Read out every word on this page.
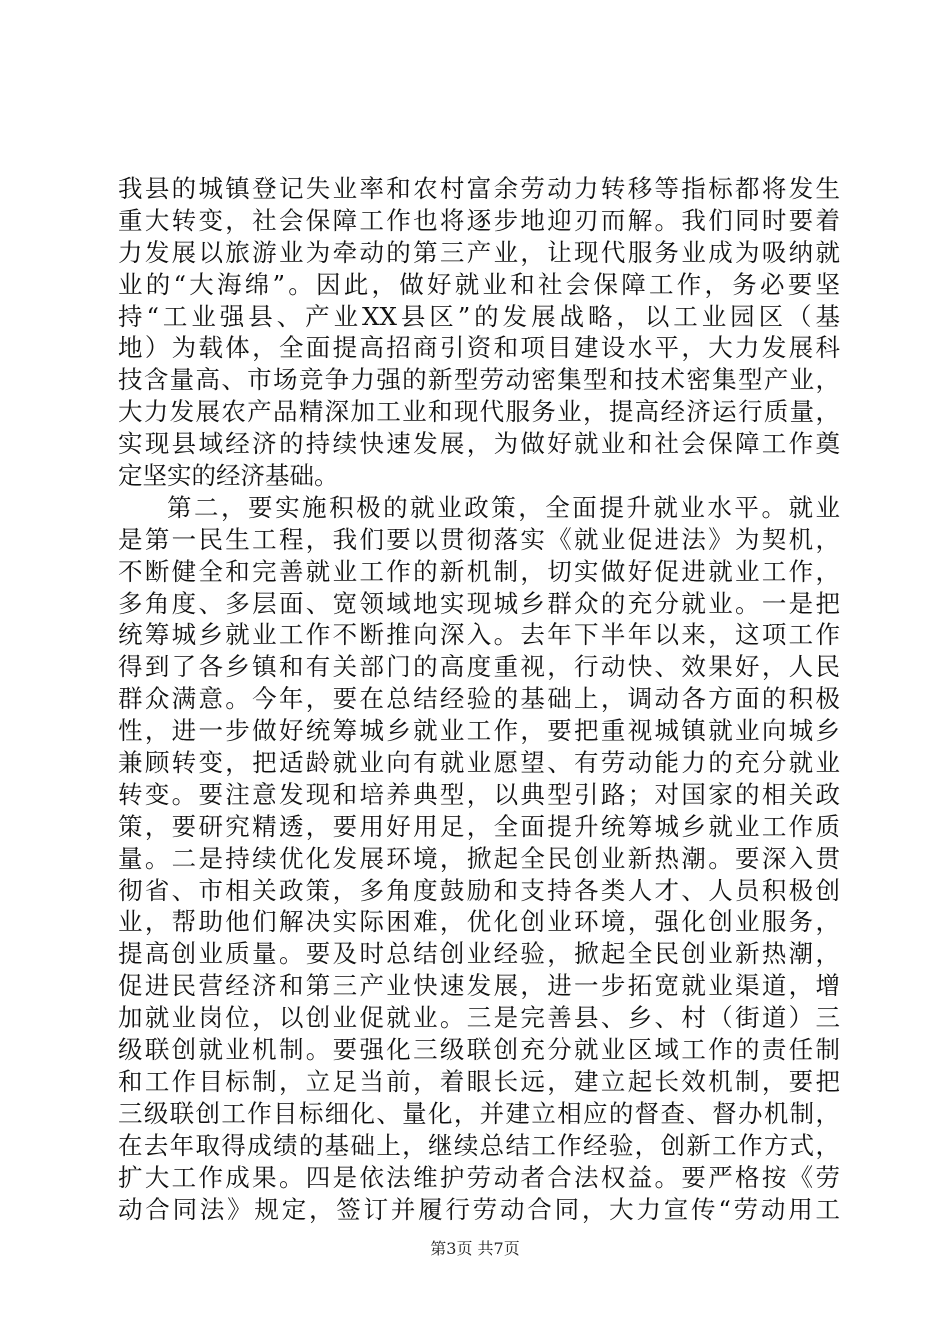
我县的城镇登记失业率和农村富余劳动力转移等指标都将发生
重大转变，社会保障工作也将逐步地迎刃而解。我们同时要着
力发展以旅游业为牵动的第三产业，让现代服务业成为吸纳就
业的“大海绵”。因此，做好就业和社会保障工作，务必要坚
持“工业强县、产业XX县区”的发展战略，以工业园区（基
地）为载体，全面提高招商引资和项目建设水平，大力发展科
技含量高、市场竞争力强的新型劳动密集型和技术密集型产业，
大力发展农产品精深加工业和现代服务业，提高经济运行质量，
实现县域经济的持续快速发展，为做好就业和社会保障工作奠
定坚实的经济基础。
第二，要实施积极的就业政策，全面提升就业水平。就业
是第一民生工程，我们要以贯彻落实《就业促进法》为契机，
不断健全和完善就业工作的新机制，切实做好促进就业工作，
多角度、多层面、宽领域地实现城乡群众的充分就业。一是把
统筹城乡就业工作不断推向深入。去年下半年以来，这项工作
得到了各乡镇和有关部门的高度重视，行动快、效果好，人民
群众满意。今年，要在总结经验的基础上，调动各方面的积极
性，进一步做好统筹城乡就业工作，要把重视城镇就业向城乡
兼顾转变，把适龄就业向有就业愿望、有劳动能力的充分就业
转变。要注意发现和培养典型，以典型引路；对国家的相关政
策，要研究精透，要用好用足，全面提升统筹城乡就业工作质
量。二是持续优化发展环境，掀起全民创业新热潮。要深入贯
彻省、市相关政策，多角度鼓励和支持各类人才、人员积极创
业，帮助他们解决实际困难，优化创业环境，强化创业服务，
提高创业质量。要及时总结创业经验，掀起全民创业新热潮，
促进民营经济和第三产业快速发展，进一步拓宽就业渠道，增
加就业岗位，以创业促就业。三是完善县、乡、村（街道）三
级联创就业机制。要强化三级联创充分就业区域工作的责任制
和工作目标制，立足当前，着眼长远，建立起长效机制，要把
三级联创工作目标细化、量化，并建立相应的督查、督办机制，
在去年取得成绩的基础上，继续总结工作经验，创新工作方式，
扩大工作成果。四是依法维护劳动者合法权益。要严格按《劳
动合同法》规定，签订并履行劳动合同，大力宣传“劳动用工
第3页 共7页
